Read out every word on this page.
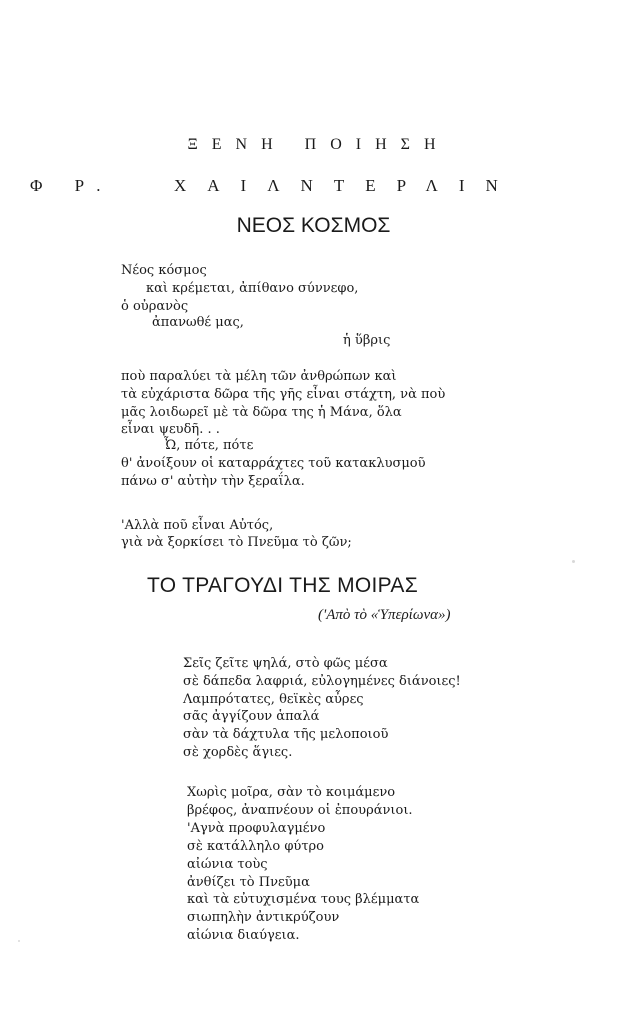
ΞΕΝΗ ΠΟΙΗΣΗ
Φ Ρ.	ΧΑΙΛΝΤΕΡΛΙΝ
ΝΕΟΣ ΚΟΣΜΟΣ
Νέος κόσμος
καὶ κρέμεται, ἀπίθανο σύννεφο,
ὁ οὐρανὸς
ἀπανωθέ μας,
ἡ ὕβρις
ποὺ παραλύει τὰ μέλη τῶν ἀνθρώπων καὶ
τὰ εὐχάριστα δῶρα τῆς γῆς εἶναι στάχτη, νὰ ποὺ
μᾶς λοιδωρεῖ μὲ τὰ δῶρα της ἡ Μάνα, ὅλα
εἶναι ψευδῆ. . .
Ὦ, πότε, πότε
θ' ἀνοίξουν οἱ καταρράχτες τοῦ κατακλυσμοῦ
πάνω σ' αὐτὴν τὴν ξεραΐλα.
'Αλλὰ ποῦ εἶναι Αὐτός,
γιὰ νὰ ξορκίσει τὸ Πνεῦμα τὸ ζῶν;
ΤΟ ΤΡΑΓΟΥΔΙ ΤΗΣ ΜΟΙΡΑΣ
('Απὸ τὸ «Ὑπερίωνα»)
Σεῖς ζεῖτε ψηλά, στὸ φῶς μέσα
σὲ δάπεδα λαφριά, εὐλογημένες διάνοιες!
Λαμπρότατες, θεϊκὲς αὖρες
σᾶς ἀγγίζουν ἁπαλά
σὰν τὰ δάχτυλα τῆς μελοποιοῦ
σὲ χορδὲς ἅγιες.
Χωρὶς μοῖρα, σὰν τὸ κοιμάμενο
βρέφος, ἀναπνέουν οἱ ἐπουράνιοι.
'Αγνὰ προφυλαγμένο
σὲ κατάλληλο φύτρο
αἰώνια τοὺς
ἀνθίζει τὸ Πνεῦμα
καὶ τὰ εὐτυχισμένα τους βλέμματα
σιωπηλὴν ἀντικρύζουν
αἰώνια διαύγεια.
